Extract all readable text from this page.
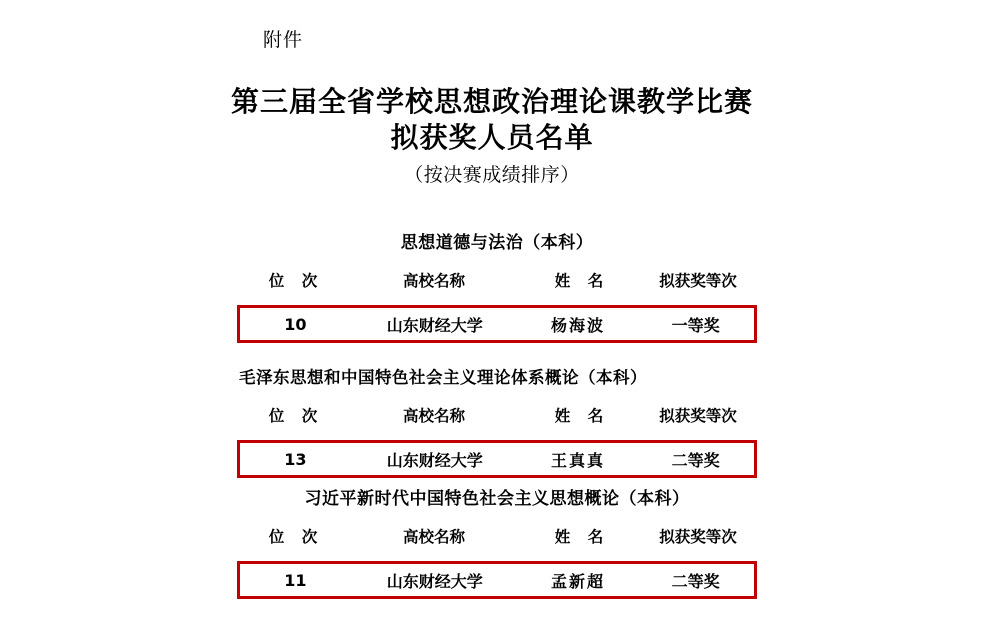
附件
第三届全省学校思想政治理论课教学比赛
拟获奖人员名单
（按决赛成绩排序）
思想道德与法治（本科）
位 次	高校名称	姓 名	拟获奖等次
10	山东财经大学	杨海波	一等奖
毛泽东思想和中国特色社会主义理论体系概论（本科）
位 次	高校名称	姓 名	拟获奖等次
13	山东财经大学	王真真	二等奖
习近平新时代中国特色社会主义思想概论（本科）
位 次	高校名称	姓 名	拟获奖等次
11	山东财经大学	孟新超	二等奖
